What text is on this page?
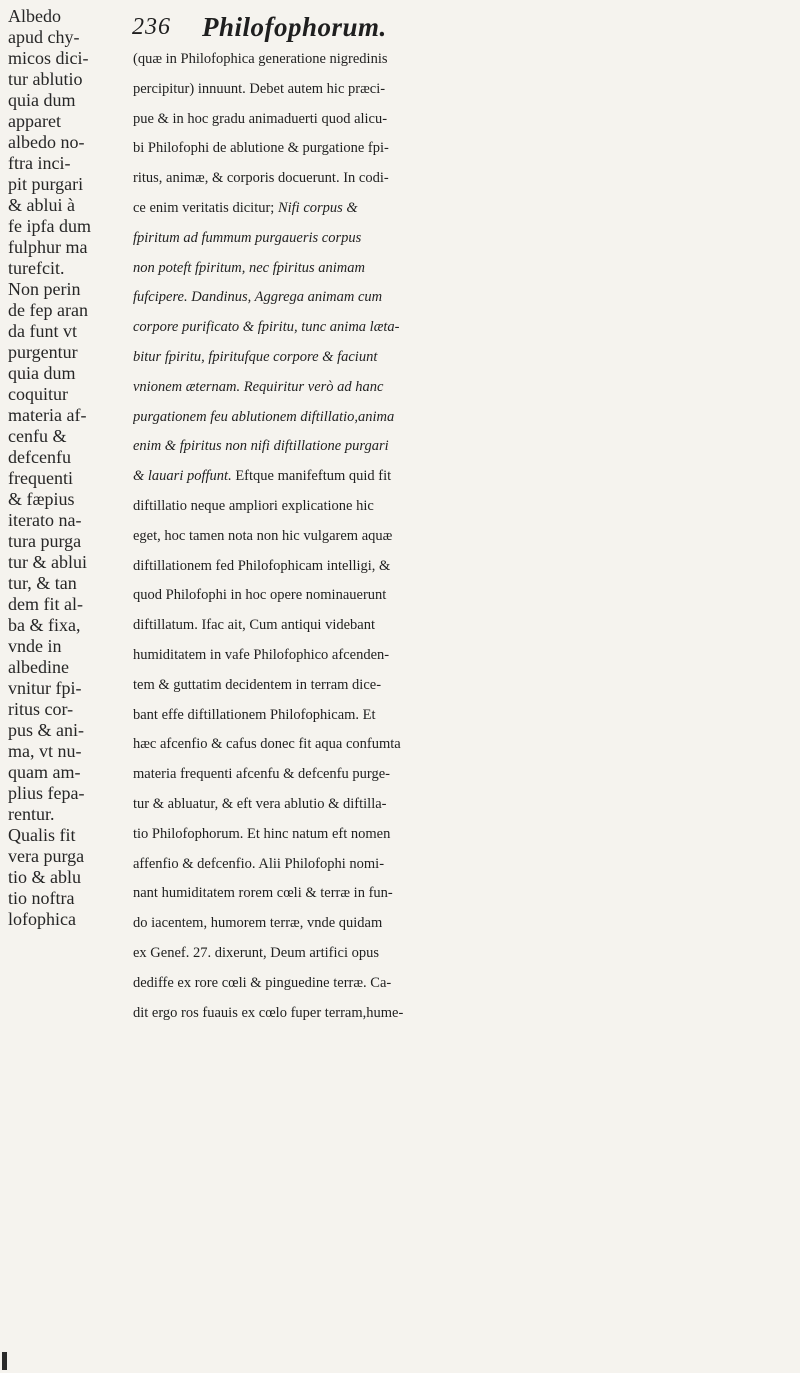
236 Philofophorum.
Albedo
apud chy-
micos dici-
tur ablutio
quia dum
apparet
albedo no-
ftra inci-
pit purgari
& ablui à
fe ipfa dum
fulphur ma
turefcit.
Non perin
de fep aran
da funt vt
purgentur
quia dum
coquitur
materia af-
cenfu &
defcenfu
frequenti
& fæpius
iterato na-
tura purga
tur & ablui
tur, & tan
dem fit al-
ba & fixa,
vnde in
albedine
vnitur fpi-
ritus cor-
pus & ani-
ma, vt nu-
quam am-
plius fepa-
rentur.
Qualis fit
vera purga
tio & ablu
tio noftra
lofophica
(quæ in Philofophica generatione nigredinis
percipitur) innuunt. Debet autem hic præci-
pue & in hoc gradu animaduerti quod alicu-
bi Philofophi de ablutione & purgatione fpi-
ritus, animæ, & corporis docuerunt. In codi-
ce enim veritatis dicitur; Nifi corpus &
fpiritum ad fummum purgaueris corpus
non poteft fpiritum, nec fpiritus animam
fufcipere. Dandinus, Aggrega animam cum
corpore purificato & fpiritu, tunc anima læta-
bitur fpiritu, fpiritufque corpore & faciunt
vnionem æternam. Requiritur verò ad hanc
purgationem feu ablutionem diftillatio,anima
enim & fpiritus non nifi diftillatione purgari
& lauari poffunt. Eftque manifeftum quid fit
diftillatio neque ampliori explicatione hic
eget, hoc tamen nota non hic vulgarem aquæ
diftillationem fed Philofophicam intelligi, &
quod Philofophi in hoc opere nominauerunt
diftillatum. Ifac ait, Cum antiqui videbant
humiditatem in vafe Philofophico afcenden-
tem & guttatim decidentem in terram dice-
bant effe diftillationem Philofophicam. Et
hæc afcenfio & cafus donec fit aqua confumta
materia frequenti afcenfu & defcenfu purge-
tur & abluatur, & eft vera ablutio & diftilla-
tio Philofophorum. Et hinc natum eft nomen
affenfio & defcenfio. Alii Philofophi nomi-
nant humiditatem rorem cœli & terræ in fun-
do iacentem, humorem terræ, vnde quidam
ex Genef. 27. dixerunt, Deum artifici opus
dediffe ex rore cœli & pinguedine terræ. Ca-
dit ergo ros fuauis ex cœlo fuper terram,hume-
